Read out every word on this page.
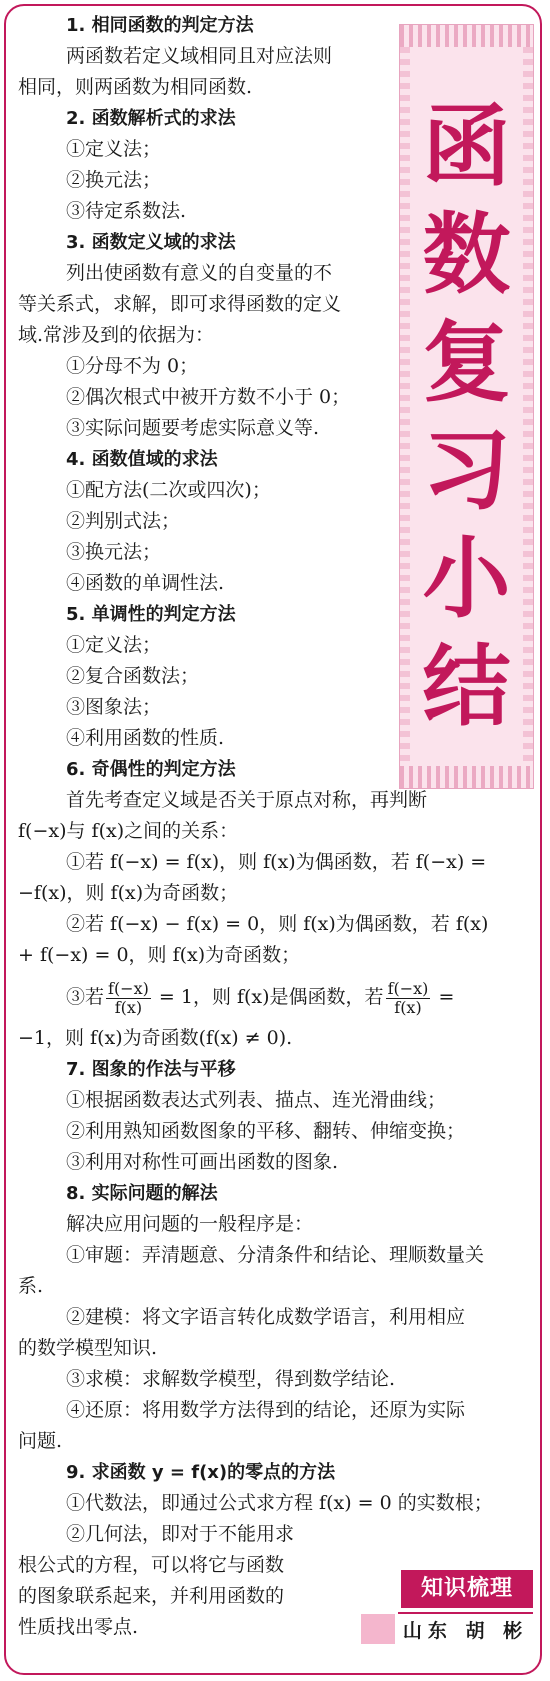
函
数
复
习
小
结
1. 相同函数的判定方法
两函数若定义域相同且对应法则
相同，则两函数为相同函数.
2. 函数解析式的求法
①定义法；
②换元法；
③待定系数法.
3. 函数定义域的求法
列出使函数有意义的自变量的不
等关系式，求解，即可求得函数的定义
域.常涉及到的依据为：
①分母不为 0；
②偶次根式中被开方数不小于 0；
③实际问题要考虑实际意义等.
4. 函数值域的求法
①配方法(二次或四次)；
②判别式法；
③换元法；
④函数的单调性法.
5. 单调性的判定方法
①定义法；
②复合函数法；
③图象法；
④利用函数的性质.
6. 奇偶性的判定方法
首先考查定义域是否关于原点对称，再判断
f(−x)与 f(x)之间的关系：
①若 f(−x) = f(x)，则 f(x)为偶函数，若 f(−x) =
−f(x)，则 f(x)为奇函数；
②若 f(−x) − f(x) = 0，则 f(x)为偶函数，若 f(x)
+ f(−x) = 0，则 f(x)为奇函数；
③若 $\frac{f(-x)}{f(x)} = 1$，则 f(x)是偶函数，若 $\frac{f(-x)}{f(x)}$ =
−1，则 f(x)为奇函数(f(x) ≠ 0).
7. 图象的作法与平移
①根据函数表达式列表、描点、连光滑曲线；
②利用熟知函数图象的平移、翻转、伸缩变换；
③利用对称性可画出函数的图象.
8. 实际问题的解法
解决应用问题的一般程序是：
①审题：弄清题意、分清条件和结论、理顺数量关
系.
②建模：将文字语言转化成数学语言，利用相应
的数学模型知识.
③求模：求解数学模型，得到数学结论.
④还原：将用数学方法得到的结论，还原为实际
问题.
9. 求函数 y = f(x)的零点的方法
①代数法，即通过公式求方程 f(x) = 0 的实数根；
②几何法，即对于不能用求
根公式的方程，可以将它与函数
的图象联系起来，并利用函数的
性质找出零点.
知识梳理
山东 胡 彬
